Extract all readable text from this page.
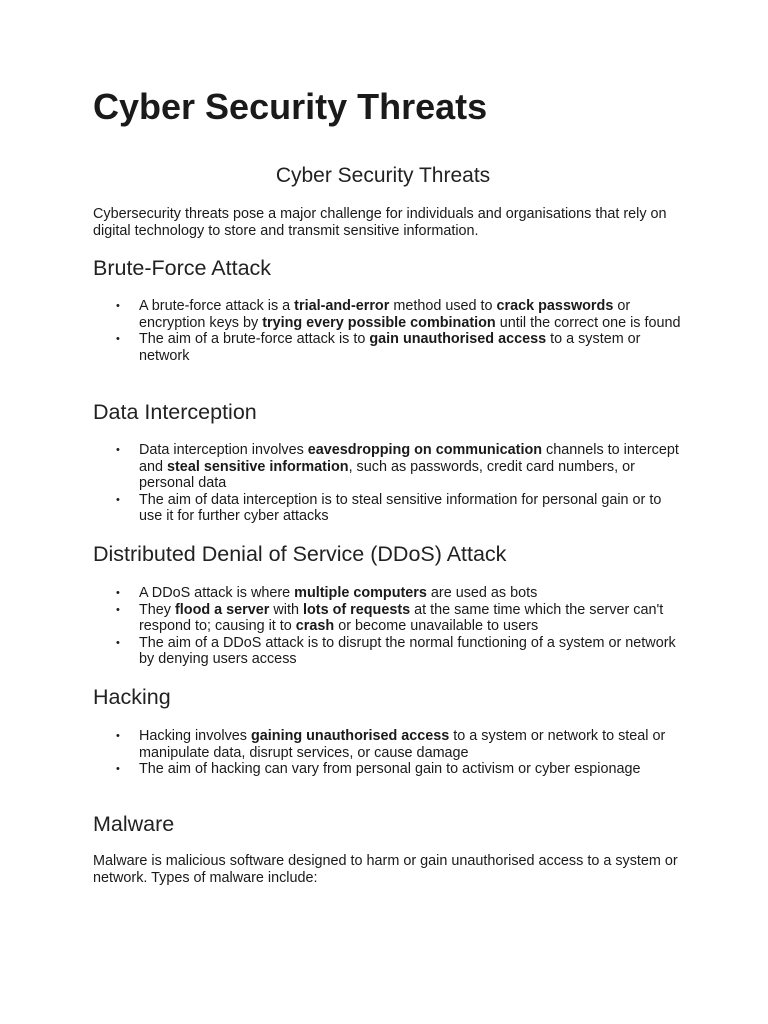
Cyber Security Threats
Cyber Security Threats

Cybersecurity threats pose a major challenge for individuals and organisations that rely on digital technology to store and transmit sensitive information.

Brute-Force Attack
• A brute-force attack is a trial-and-error method used to crack passwords or encryption keys by trying every possible combination until the correct one is found
• The aim of a brute-force attack is to gain unauthorised access to a system or network
Data Interception
• Data interception involves eavesdropping on communication channels to intercept and steal sensitive information, such as passwords, credit card numbers, or personal data
• The aim of data interception is to steal sensitive information for personal gain or to use it for further cyber attacks
Distributed Denial of Service (DDoS) Attack
• A DDoS attack is where multiple computers are used as bots
• They flood a server with lots of requests at the same time which the server can't respond to; causing it to crash or become unavailable to users
• The aim of a DDoS attack is to disrupt the normal functioning of a system or network by denying users access
Hacking
• Hacking involves gaining unauthorised access to a system or network to steal or manipulate data, disrupt services, or cause damage
• The aim of hacking can vary from personal gain to activism or cyber espionage
Malware

Malware is malicious software designed to harm or gain unauthorised access to a system or network. Types of malware include:
